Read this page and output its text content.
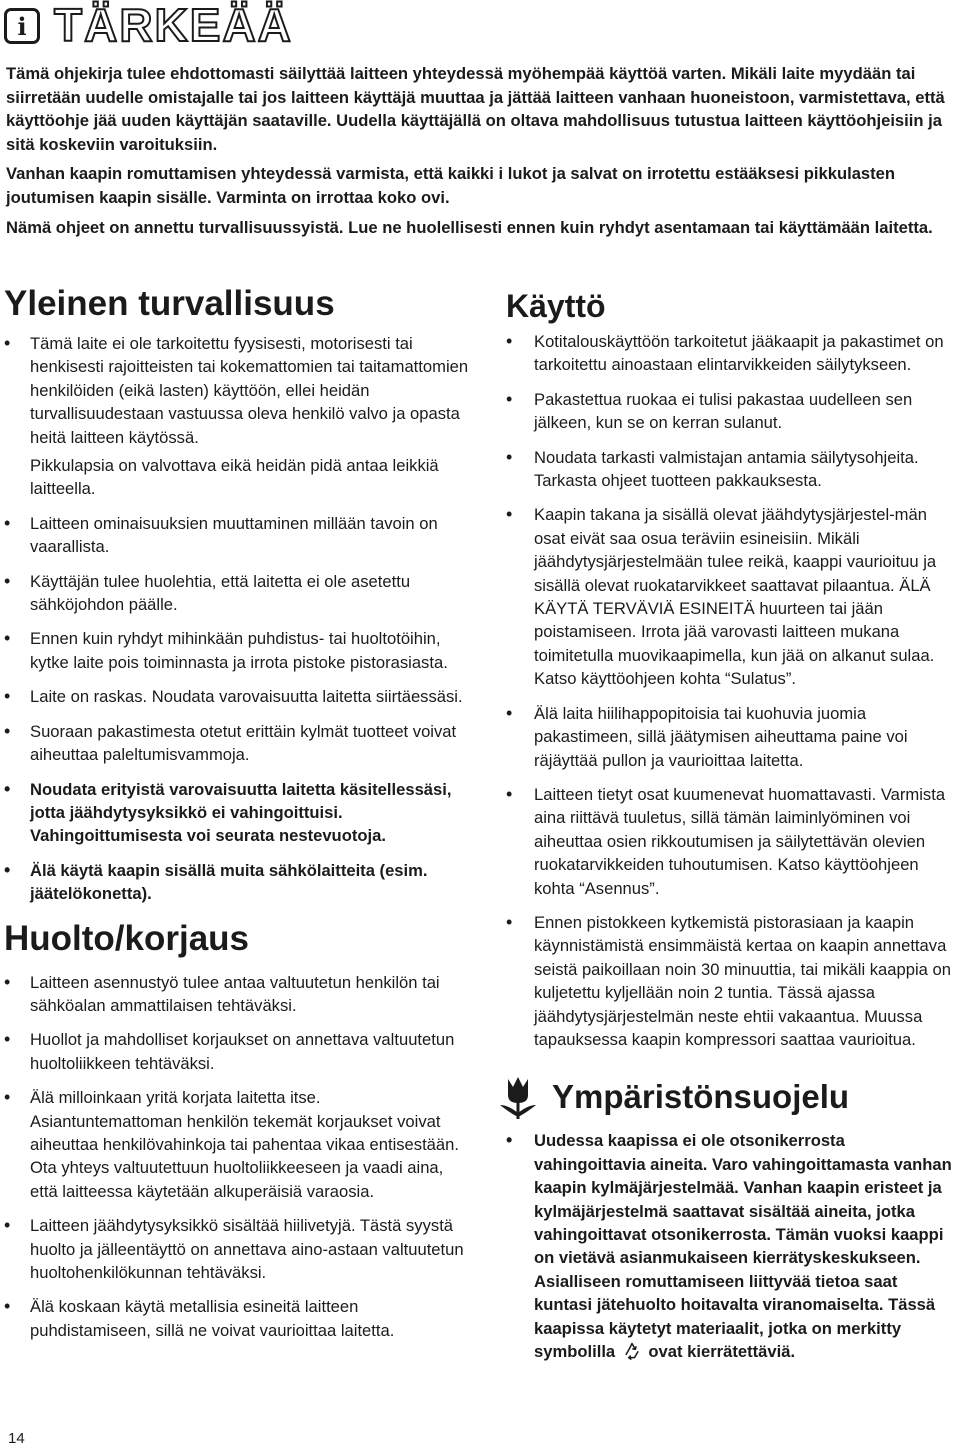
i TÄRKEÄÄ

Tämä ohjekirja tulee ehdottomasti säilyttää laitteen yhteydessä myöhempää käyttöä varten. Mikäli laite myydään tai siirretään uudelle omistajalle tai jos laitteen käyttäjä muuttaa ja jättää laitteen vanhaan huoneistoon, varmistettava, että käyttöohje jää uuden käyttäjän saataville. Uudella käyttäjällä on oltava mahdollisuus tutustua laitteen käyttöohjeisiin ja sitä koskeviin varoituksiin.

Vanhan kaapin romuttamisen yhteydessä varmista, että kaikki i lukot ja salvat on irrotettu estääksesi pikkulasten joutumisen kaapin sisälle. Varminta on irrottaa koko ovi.

Nämä ohjeet on annettu turvallisuussyistä. Lue ne huolellisesti ennen kuin ryhdyt asentamaan tai käyttämään laitetta.

Yleinen turvallisuus
• Tämä laite ei ole tarkoitettu fyysisesti, motorisesti tai henkisesti rajoitteisten tai kokemattomien tai taitamattomien henkilöiden (eikä lasten) käyttöön, ellei heidän turvallisuudestaan vastuussa oleva henkilö valvo ja opasta heitä laitteen käytössä.
Pikkulapsia on valvottava eikä heidän pidä antaa leikkiä laitteella.
• Laitteen ominaisuuksien muuttaminen millään tavoin on vaarallista.
• Käyttäjän tulee huolehtia, että laitetta ei ole asetettu sähköjohdon päälle.
• Ennen kuin ryhdyt mihinkään puhdistus- tai huoltotöihin, kytke laite pois toiminnasta ja irrota pistoke pistorasiasta.
• Laite on raskas. Noudata varovaisuutta laitetta siirtäessäsi.
• Suoraan pakastimesta otetut erittäin kylmät tuotteet voivat aiheuttaa paleltumisvammoja.
• Noudata erityistä varovaisuutta laitetta käsitellessäsi, jotta jäähdytysyksikkö ei vahingoittuisi. Vahingoittumisesta voi seurata nestevuotoja.
• Älä käytä kaapin sisällä muita sähkölaitteita (esim. jäätelökonetta).
Huolto/korjaus
• Laitteen asennustyö tulee antaa valtuutetun henkilön tai sähköalan ammattilaisen tehtäväksi.
• Huollot ja mahdolliset korjaukset on annettava valtuutetun huoltoliikkeen tehtäväksi.
• Älä milloinkaan yritä korjata laitetta itse. Asiantuntemattoman henkilön tekemät korjaukset voivat aiheuttaa henkilövahinkoja tai pahentaa vikaa entisestään. Ota yhteys valtuutettuun huoltoliikkeeseen ja vaadi aina, että laitteessa käytetään alkuperäisiä varaosia.
• Laitteen jäähdytysyksikkö sisältää hiilivetyjä. Tästä syystä huolto ja jälleentäyttö on annettava aino-astaan valtuutetun huoltohenkilökunnan tehtäväksi.
• Älä koskaan käytä metallisia esineitä laitteen puhdistamiseen, sillä ne voivat vaurioittaa laitetta.
Käyttö
• Kotitalouskäyttöön tarkoitetut jääkaapit ja pakastimet on tarkoitettu ainoastaan elintarvikkeiden säilytykseen.
• Pakastettua ruokaa ei tulisi pakastaa uudelleen sen jälkeen, kun se on kerran sulanut.
• Noudata tarkasti valmistajan antamia säilytysohjeita. Tarkasta ohjeet tuotteen pakkauksesta.
• Kaapin takana ja sisällä olevat jäähdytysjärjestel-män osat eivät saa osua teräviin esineisiin. Mikäli jäähdytysjärjestelmään tulee reikä, kaappi vaurioituu ja sisällä olevat ruokatarvikkeet saattavat pilaantua. ÄLÄ KÄYTÄ TERVÄVIÄ ESINEITÄ huurteen tai jään poistamiseen. Irrota jää varovasti laitteen mukana toimitetulla muovikaapimella, kun jää on alkanut sulaa. Katso käyttöohjeen kohta “Sulatus”.
• Älä laita hiilihappopitoisia tai kuohuvia juomia pakastimeen, sillä jäätymisen aiheuttama paine voi räjäyttää pullon ja vaurioittaa laitetta.
• Laitteen tietyt osat kuumenevat huomattavasti. Varmista aina riittävä tuuletus, sillä tämän laiminlyöminen voi aiheuttaa osien rikkoutumisen ja säilytettävän olevien ruokatarvikkeiden tuhoutumisen. Katso käyttöohjeen kohta “Asennus”.
• Ennen pistokkeen kytkemistä pistorasiaan ja kaapin käynnistämistä ensimmäistä kertaa on kaapin annettava seistä paikoillaan noin 30 minuuttia, tai mikäli kaappia on kuljetettu kyljellään noin 2 tuntia. Tässä ajassa jäähdytysjärjestelmän neste ehtii vakaantua. Muussa tapauksessa kaapin kompressori saattaa vaurioitua.
Ympäristönsuojelu
• Uudessa kaapissa ei ole otsonikerrosta vahingoittavia aineita. Varo vahingoittamasta vanhan kaapin kylmäjärjestelmää. Vanhan kaapin eristeet ja kylmäjärjestelmä saattavat sisältää aineita, jotka vahingoittavat otsonikerrosta. Tämän vuoksi kaappi on vietävä asianmukaiseen kierrätyskeskukseen. Asialliseen romuttamiseen liittyvää tietoa saat kuntasi jätehuolto hoitavalta viranomaiselta. Tässä kaapissa käytetyt materiaalit, jotka on merkitty symbolilla ovat kierrätettäviä.
14
